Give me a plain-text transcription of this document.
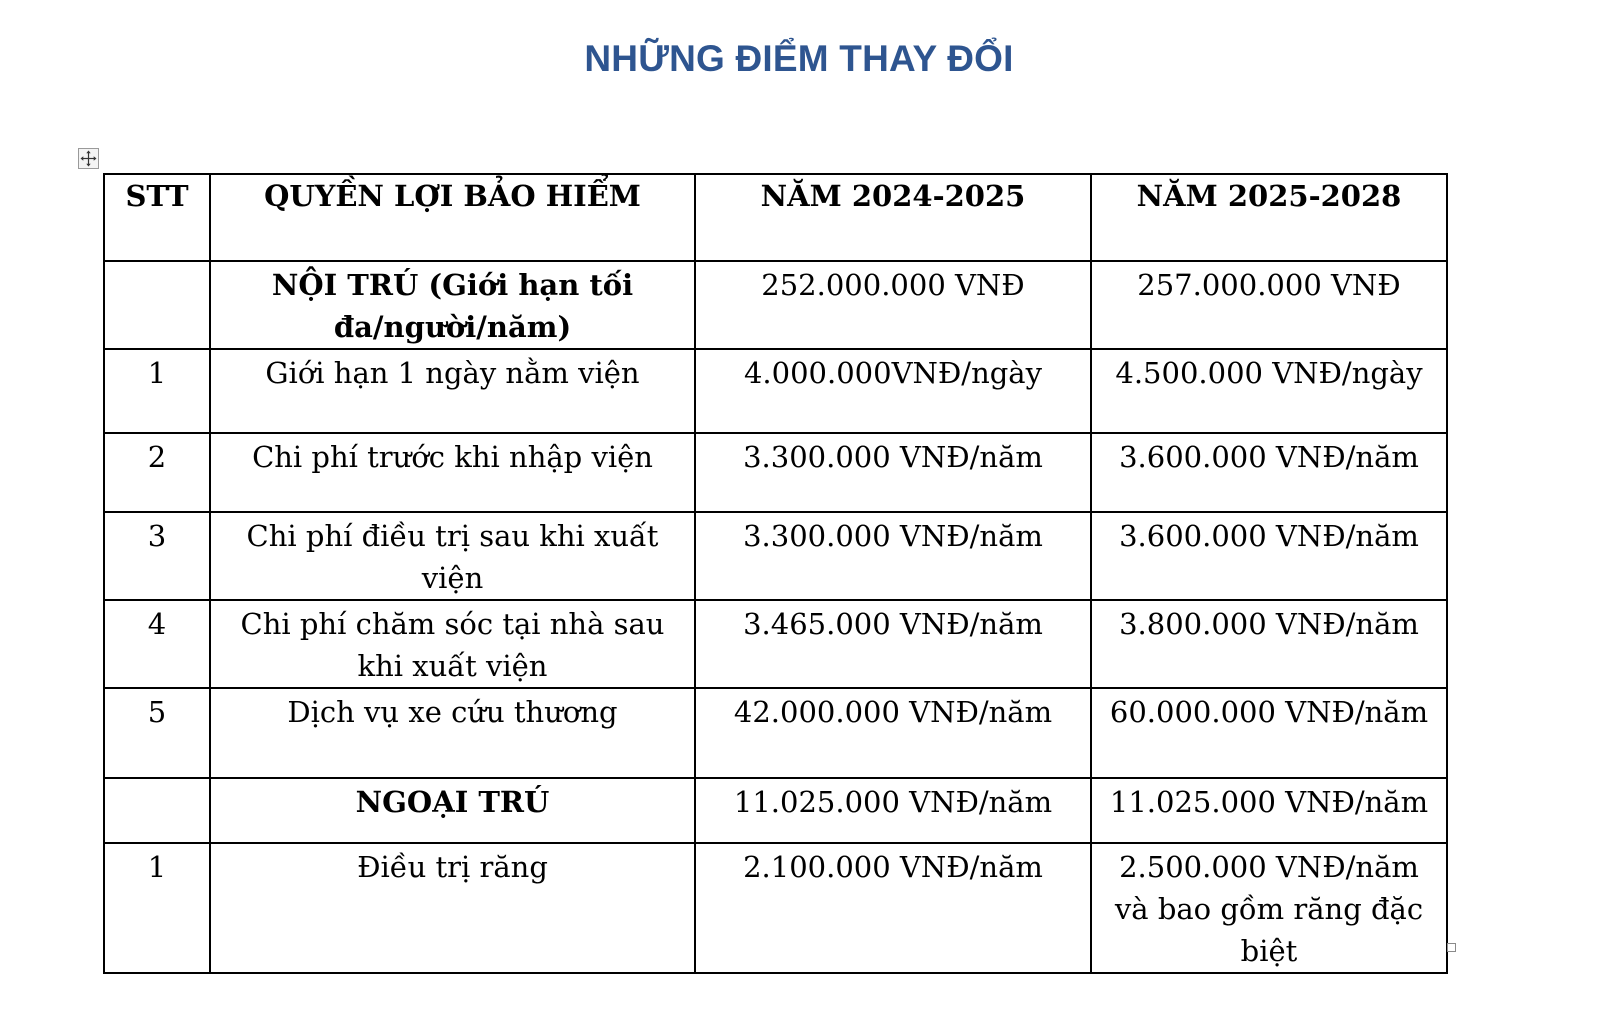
NHỮNG ĐIỂM THAY ĐỔI
STT	QUYỀN LỢI BẢO HIỂM	NĂM 2024-2025	NĂM 2025-2028
	NỘI TRÚ (Giới hạn tối đa/người/năm)	252.000.000 VNĐ	257.000.000 VNĐ
1	Giới hạn 1 ngày nằm viện	4.000.000VNĐ/ngày	4.500.000 VNĐ/ngày
2	Chi phí trước khi nhập viện	3.300.000 VNĐ/năm	3.600.000 VNĐ/năm
3	Chi phí điều trị sau khi xuất viện	3.300.000 VNĐ/năm	3.600.000 VNĐ/năm
4	Chi phí chăm sóc tại nhà sau khi xuất viện	3.465.000 VNĐ/năm	3.800.000 VNĐ/năm
5	Dịch vụ xe cứu thương	42.000.000 VNĐ/năm	60.000.000 VNĐ/năm
	NGOẠI TRÚ	11.025.000 VNĐ/năm	11.025.000 VNĐ/năm
1	Điều trị răng	2.100.000 VNĐ/năm	2.500.000 VNĐ/năm và bao gồm răng đặc biệt
